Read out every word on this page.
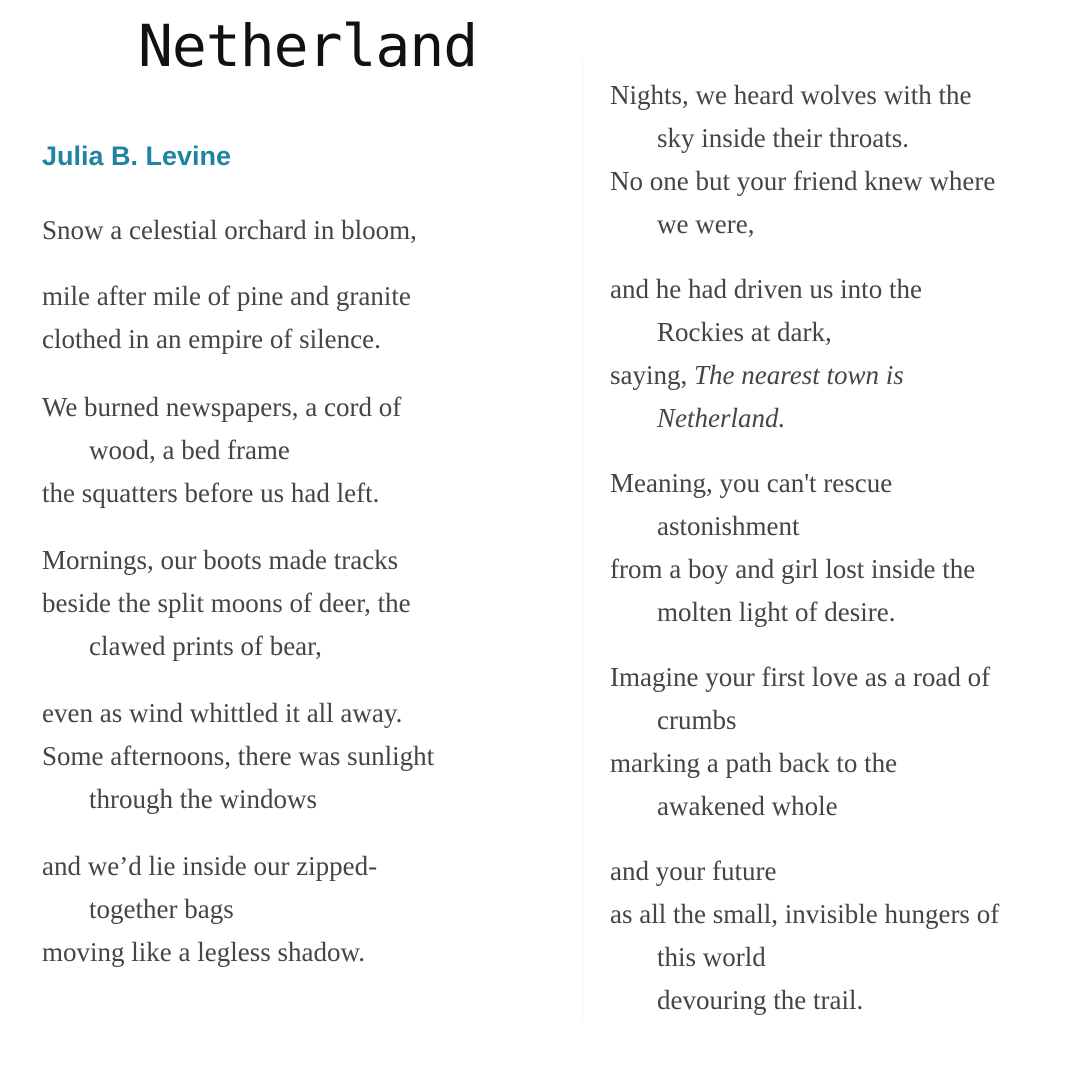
Netherland
Julia B. Levine

Snow a celestial orchard in bloom,

mile after mile of pine and granite
clothed in an empire of silence.

We burned newspapers, a cord of
wood, a bed frame
the squatters before us had left.

Mornings, our boots made tracks
beside the split moons of deer, the
clawed prints of bear,

even as wind whittled it all away.
Some afternoons, there was sunlight
through the windows

and we’d lie inside our zipped-
together bags
moving like a legless shadow.

Nights, we heard wolves with the
sky inside their throats.
No one but your friend knew where
we were,

and he had driven us into the
Rockies at dark,
saying, The nearest town is
Netherland.

Meaning, you can't rescue
astonishment
from a boy and girl lost inside the
molten light of desire.

Imagine your first love as a road of
crumbs
marking a path back to the
awakened whole

and your future
as all the small, invisible hungers of
this world
devouring the trail.
